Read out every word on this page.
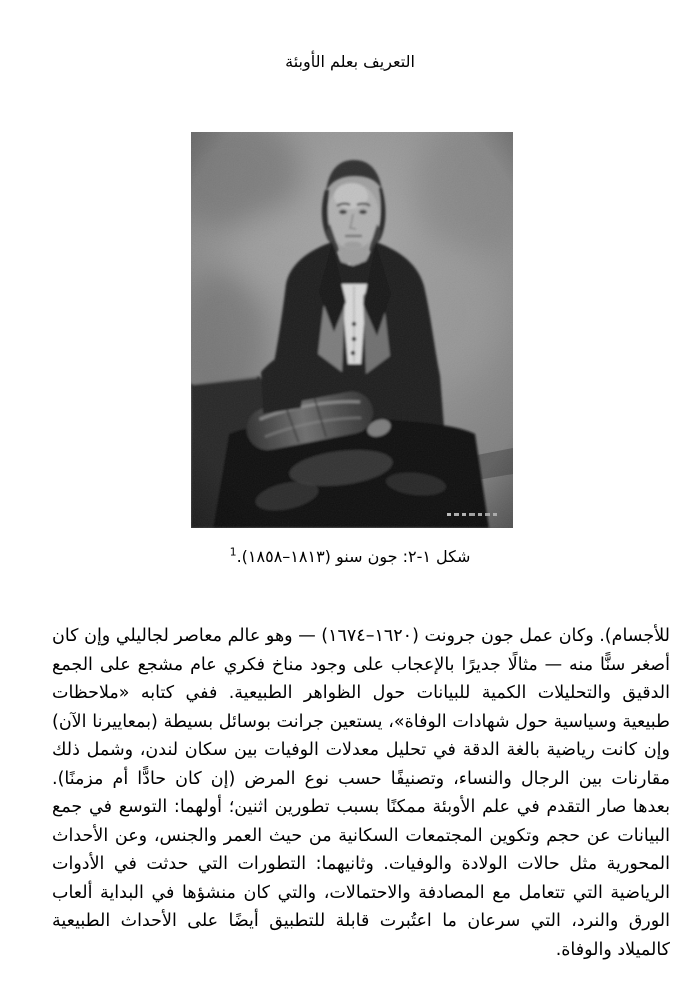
التعريف بعلم الأوبئة
شكل ١-٢: جون سنو (١٨١٣–١٨٥٨).$^1$

للأجسام). وكان عمل جون جرونت (١٦٢٠–١٦٧٤) — وهو عالم معاصر لجاليلي وإن كان أصغر سنًّا منه — مثالًا جديرًا بالإعجاب على وجود مناخ فكري عام مشجع على الجمع الدقيق والتحليلات الكمية للبيانات حول الظواهر الطبيعية. ففي كتابه «ملاحظات طبيعية وسياسية حول شهادات الوفاة»، يستعين جرانت بوسائل بسيطة (بمعاييرنا الآن) وإن كانت رياضية بالغة الدقة في تحليل معدلات الوفيات بين سكان لندن، وشمل ذلك مقارنات بين الرجال والنساء، وتصنيفًا حسب نوع المرض (إن كان حادًّا أم مزمنًا). بعدها صار التقدم في علم الأوبئة ممكنًا بسبب تطورين اثنين؛ أولهما: التوسع في جمع البيانات عن حجم وتكوين المجتمعات السكانية من حيث العمر والجنس، وعن الأحداث المحورية مثل حالات الولادة والوفيات. وثانيهما: التطورات التي حدثت في الأدوات الرياضية التي تتعامل مع المصادفة والاحتمالات، والتي كان منشؤها في البداية ألعاب الورق والنرد، التي سرعان ما اعتُبرت قابلة للتطبيق أيضًا على الأحداث الطبيعية كالميلاد والوفاة.
